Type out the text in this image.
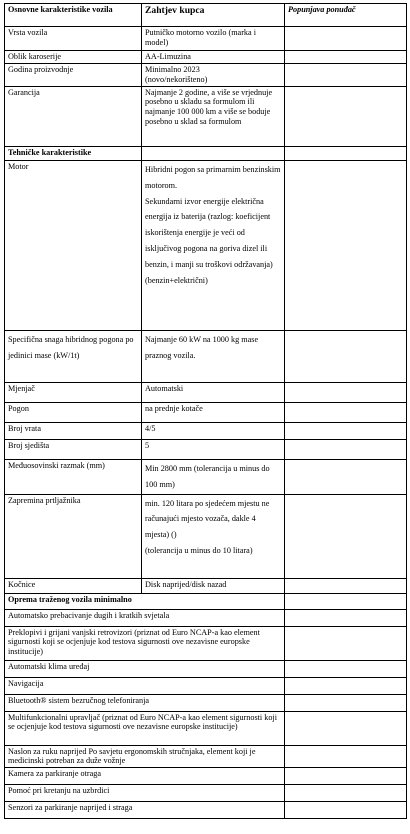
Osnovne karakteristike vozila	Zahtjev kupca	Popunjava ponuđač
Vrsta vozila	Putničko motorno vozilo (marka i model)	
Oblik karoserije	AA-Limuzina	
Godina proizvodnje	Minimalno 2023
(novo/nekorišteno)	
Garancija	Najmanje 2 godine, a više se vrjednuje posebno u skladu sa formulom ili najmanje 100 000 km a više se boduje posebno u sklad sa formulom	
Tehničke karakteristike		
Motor	Hibridni pogon sa primarnim benzinskim motorom.
Sekundarni izvor energije električna energija iz baterija (razlog: koeficijent iskorištenja energije je veći od isključivog pogona na goriva dizel ili benzin, i manji su troškovi održavanja)
(benzin+električni)	
Specifična snaga hibridnog pogona po jedinici mase (kW/1t)	Najmanje 60 kW na 1000 kg mase praznog vozila.	
Mjenjač	Automatski	
Pogon	na prednje kotače	
Broj vrata	4/5	
Broj sjedišta	5	
Međuosovinski razmak (mm)	Min 2800 mm (tolerancija u minus do 100 mm)	
Zapremina prtljažnika	min. 120 litara po sjedećem mjestu ne računajući mjesto vozača, dakle 4 mjesta) ()
(tolerancija u minus do 10 litara)	
Kočnice	Disk naprijed/disk nazad	
Oprema traženog vozila minimalno		
Automatsko prebacivanje dugih i kratkih svjetala		
Preklopivi i grijani vanjski retrovizori (priznat od Euro NCAP-a kao element sigurnosti koji se ocjenjuje kod testova sigurnosti ove nezavisne europske institucije)		
Automatski klima uređaj		
Navigacija		
Bluetooth® sistem bezručnog telefoniranja		
Multifunkcionalni upravljač (priznat od Euro NCAP-a kao element sigurnosti koji se ocjenjuje kod testova sigurnosti ove nezavisne europske institucije)		
Naslon za ruku naprijed Po savjetu ergonomskih stručnjaka, element koji je medicinski potreban za duže vožnje		
Kamera za parkiranje otraga		
Pomoć pri kretanju na uzbrdici		
Senzori za parkiranje naprijed i straga		
